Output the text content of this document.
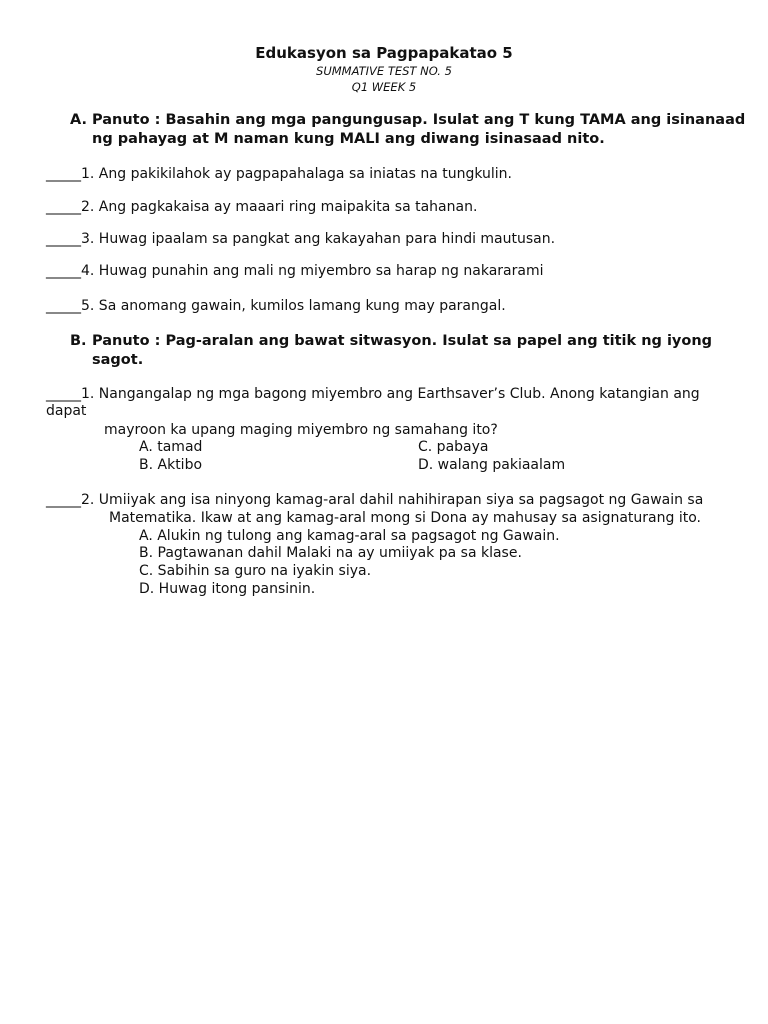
Edukasyon sa Pagpapakatao 5
SUMMATIVE TEST NO. 5
Q1 WEEK 5
A. Panuto : Basahin ang mga pangungusap. Isulat ang T kung TAMA ang isinanaad
ng pahayag at M naman kung MALI ang diwang isinasaad nito.
_____1. Ang pakikilahok ay pagpapahalaga sa iniatas na tungkulin.
_____2. Ang pagkakaisa ay maaari ring maipakita sa tahanan.
_____3. Huwag ipaalam sa pangkat ang kakayahan para hindi mautusan.
_____4. Huwag punahin ang mali ng miyembro sa harap ng nakararami
_____5. Sa anomang gawain, kumilos lamang kung may parangal.
B. Panuto : Pag-aralan ang bawat sitwasyon. Isulat sa papel ang titik ng iyong
sagot.
_____1. Nangangalap ng mga bagong miyembro ang Earthsaver’s Club. Anong katangian ang
dapat
mayroon ka upang maging miyembro ng samahang ito?
A. tamad	C. pabaya
B. Aktibo	D. walang pakiaalam
_____2. Umiiyak ang isa ninyong kamag-aral dahil nahihirapan siya sa pagsagot ng Gawain sa
Matematika. Ikaw at ang kamag-aral mong si Dona ay mahusay sa asignaturang ito.
A. Alukin ng tulong ang kamag-aral sa pagsagot ng Gawain.
B. Pagtawanan dahil Malaki na ay umiiyak pa sa klase.
C. Sabihin sa guro na iyakin siya.
D. Huwag itong pansinin.
